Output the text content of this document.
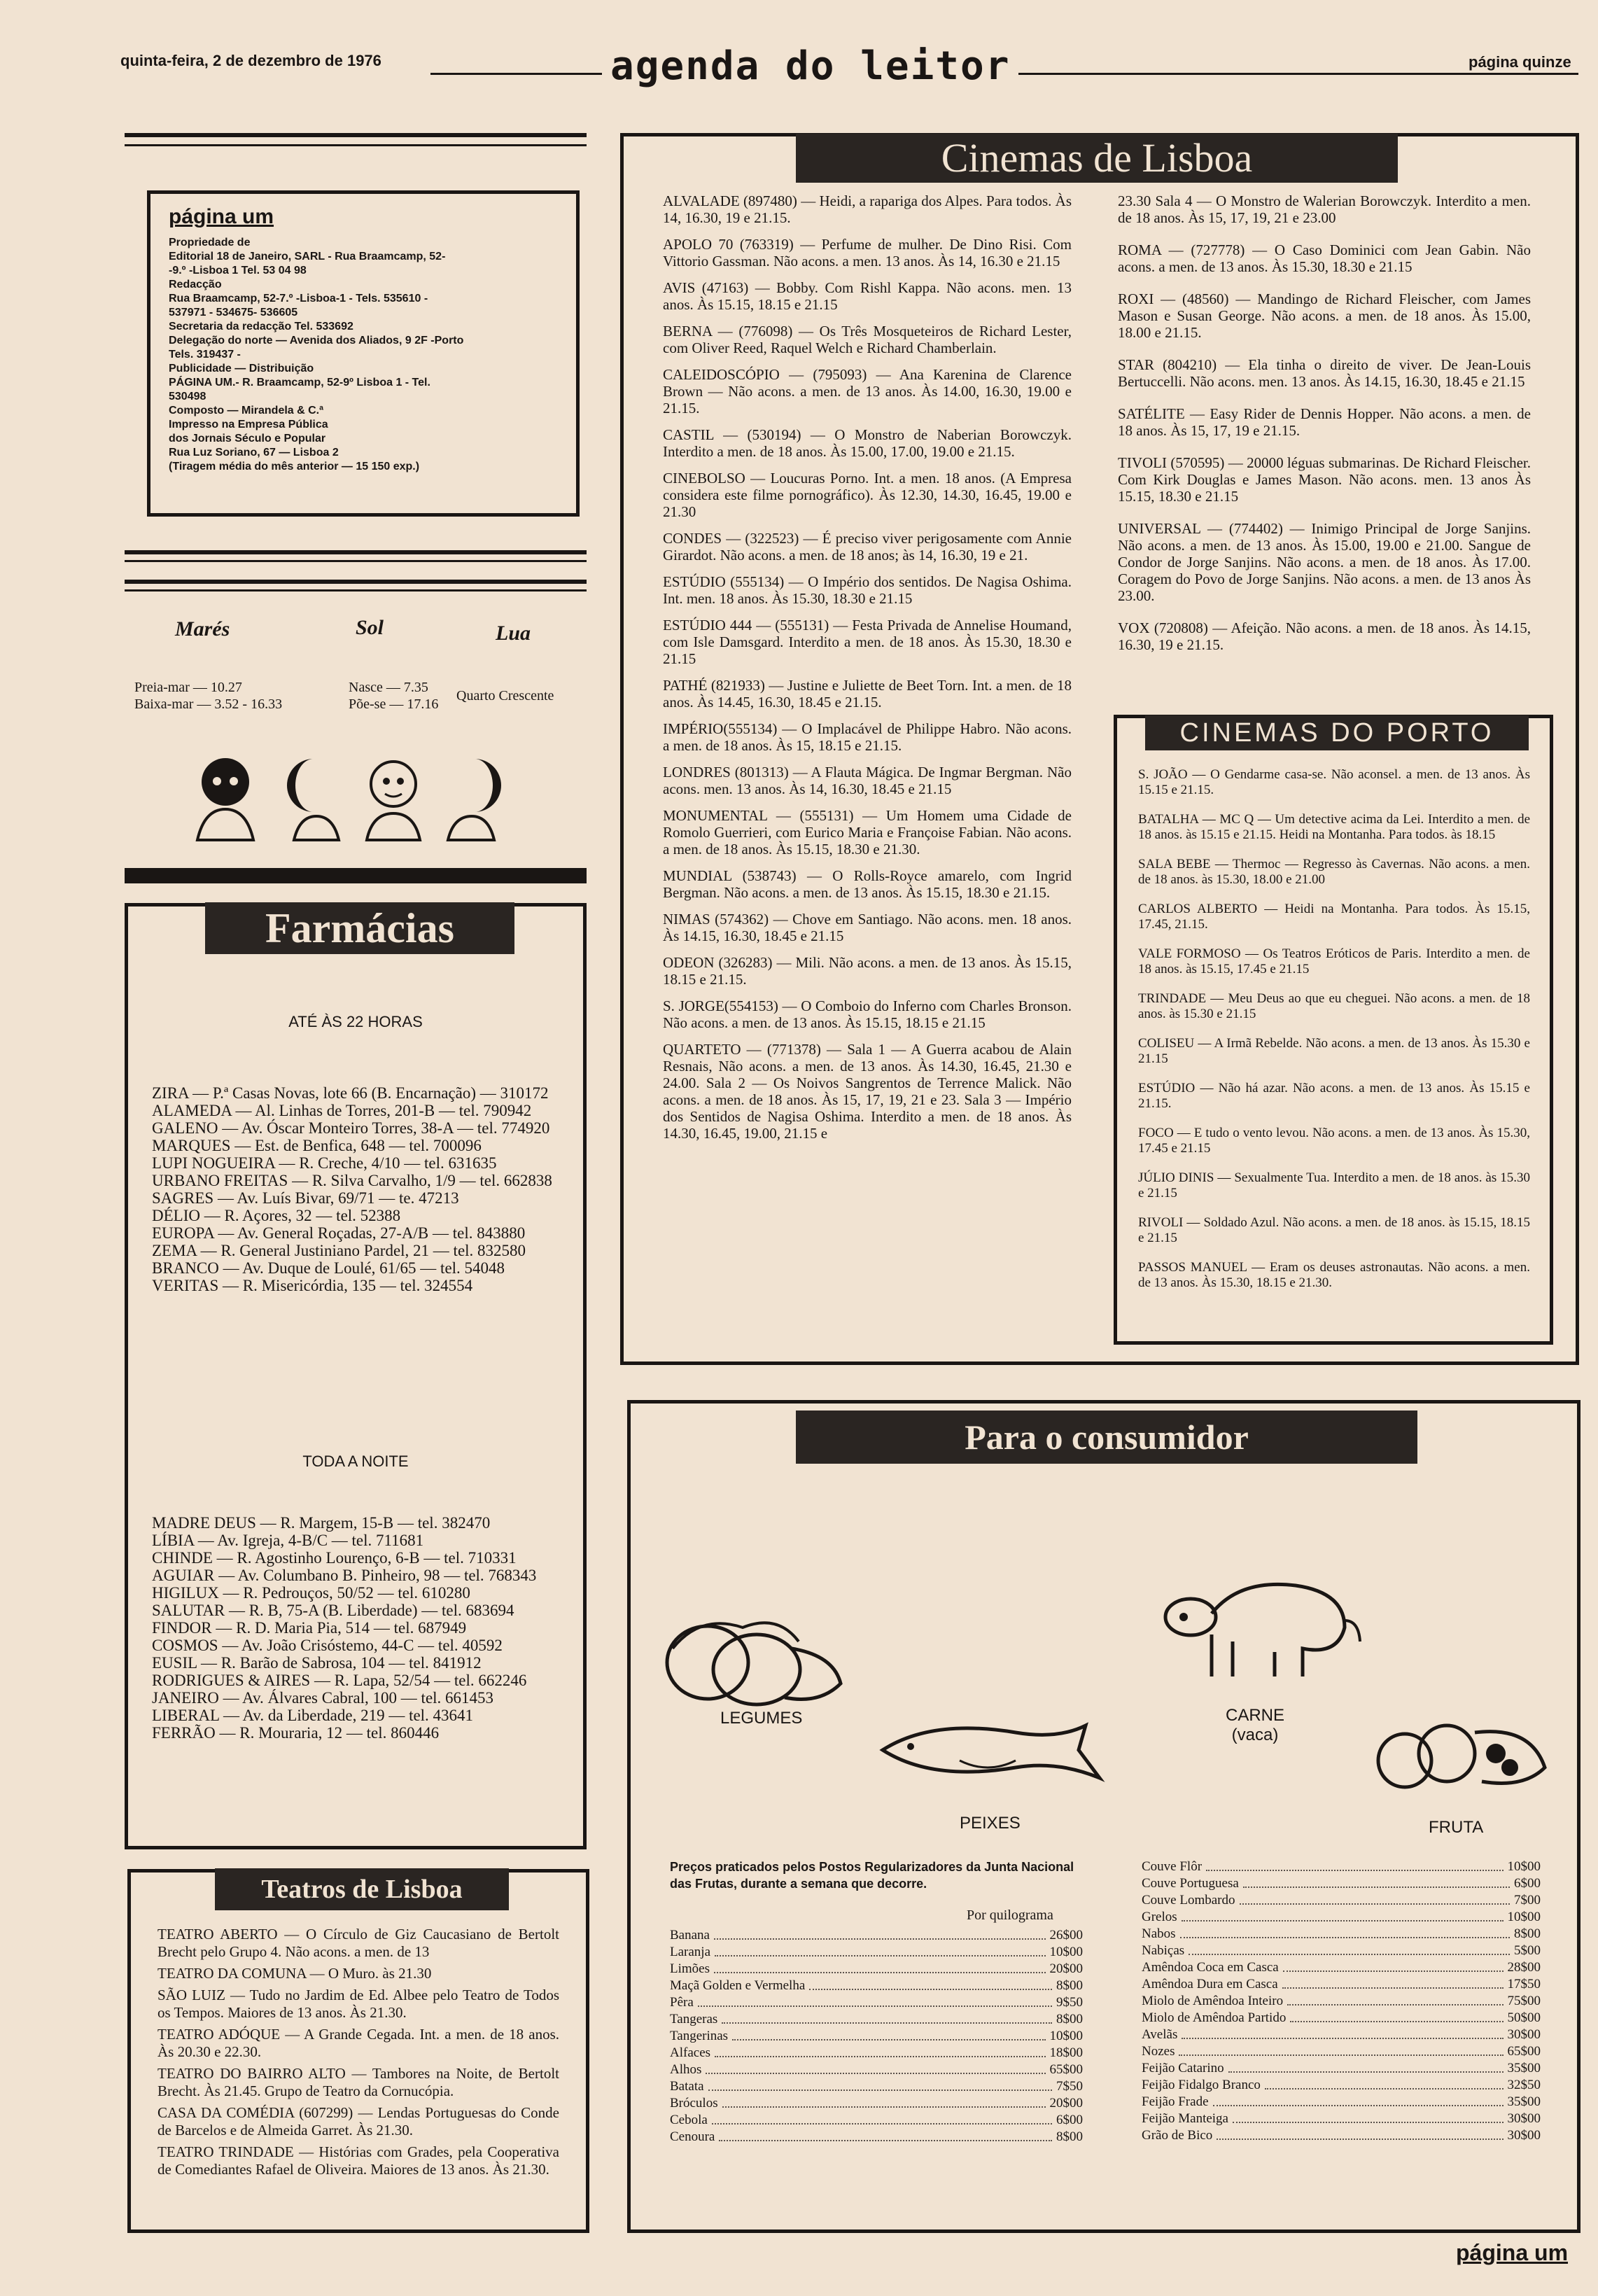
quinta-feira, 2 de dezembro de 1976	agenda do leitor	página quinze
página um

Propriedade de

Editorial 18 de Janeiro, SARL - Rua Braamcamp, 52-

-9.º -Lisboa 1 Tel. 53 04 98

Redacção

Rua Braamcamp, 52-7.º -Lisboa-1 - Tels. 535610 -

537971 - 534675- 536605

Secretaria da redacção Tel. 533692

Delegação do norte — Avenida dos Aliados, 9 2F -Porto

Tels. 319437 -

Publicidade — Distribuição

PÁGINA UM.- R. Braamcamp, 52-9º Lisboa 1 - Tel.

530498

Composto — Mirandela & C.ª

Impresso na Empresa Pública

dos Jornais Século e Popular

Rua Luz Soriano, 67 — Lisboa 2

(Tiragem média do mês anterior — 15 150 exp.)

Marés	Sol	Lua
Preia-mar — 10.27
Baixa-mar — 3.52 - 16.33
Nasce — 7.35
Põe-se — 17.16
Quarto Crescente
Farmácias
ATÉ ÀS 22 HORAS

ZIRA — P.ª Casas Novas, lote 66 (B. Encarnação) — 310172

ALAMEDA — Al. Linhas de Torres, 201-B — tel. 790942

GALENO — Av. Óscar Monteiro Torres, 38-A — tel. 774920

MARQUES — Est. de Benfica, 648 — tel. 700096

LUPI NOGUEIRA — R. Creche, 4/10 — tel. 631635

URBANO FREITAS — R. Silva Carvalho, 1/9 — tel. 662838

SAGRES — Av. Luís Bivar, 69/71 — te. 47213

DÉLIO — R. Açores, 32 — tel. 52388

EUROPA — Av. General Roçadas, 27-A/B — tel. 843880

ZEMA — R. General Justiniano Pardel, 21 — tel. 832580

BRANCO — Av. Duque de Loulé, 61/65 — tel. 54048

VERITAS — R. Misericórdia, 135 — tel. 324554

TODA A NOITE

MADRE DEUS — R. Margem, 15-B — tel. 382470

LÍBIA — Av. Igreja, 4-B/C — tel. 711681

CHINDE — R. Agostinho Lourenço, 6-B — tel. 710331

AGUIAR — Av. Columbano B. Pinheiro, 98 — tel. 768343

HIGILUX — R. Pedrouços, 50/52 — tel. 610280

SALUTAR — R. B, 75-A (B. Liberdade) — tel. 683694

FINDOR — R. D. Maria Pia, 514 — tel. 687949

COSMOS — Av. João Crisóstemo, 44-C — tel. 40592

EUSIL — R. Barão de Sabrosa, 104 — tel. 841912

RODRIGUES & AIRES — R. Lapa, 52/54 — tel. 662246

JANEIRO — Av. Álvares Cabral, 100 — tel. 661453

LIBERAL — Av. da Liberdade, 219 — tel. 43641

FERRÃO — R. Mouraria, 12 — tel. 860446

Teatros de Lisboa

TEATRO ABERTO — O Círculo de Giz Caucasiano de Bertolt Brecht pelo Grupo 4. Não acons. a men. de 13

TEATRO DA COMUNA — O Muro. às 21.30

SÃO LUIZ — Tudo no Jardim de Ed. Albee pelo Teatro de Todos os Tempos. Maiores de 13 anos. Às 21.30.

TEATRO ADÓQUE — A Grande Cegada. Int. a men. de 18 anos. Às 20.30 e 22.30.

TEATRO DO BAIRRO ALTO — Tambores na Noite, de Bertolt Brecht. Às 21.45. Grupo de Teatro da Cornucópia.

CASA DA COMÉDIA (607299) — Lendas Portuguesas do Conde de Barcelos e de Almeida Garret. Às 21.30.

TEATRO TRINDADE — Histórias com Grades, pela Cooperativa de Comediantes Rafael de Oliveira. Maiores de 13 anos. Às 21.30.

Cinemas de Lisboa

ALVALADE (897480) — Heidi, a rapariga dos Alpes. Para todos. Às 14, 16.30, 19 e 21.15.

APOLO 70 (763319) — Perfume de mulher. De Dino Risi. Com Vittorio Gassman. Não acons. a men. 13 anos. Às 14, 16.30 e 21.15

AVIS (47163) — Bobby. Com Rishl Kappa. Não acons. men. 13 anos. Às 15.15, 18.15 e 21.15

BERNA — (776098) — Os Três Mosqueteiros de Richard Lester, com Oliver Reed, Raquel Welch e Richard Chamberlain.

CALEIDOSCÓPIO — (795093) — Ana Karenina de Clarence Brown — Não acons. a men. de 13 anos. Às 14.00, 16.30, 19.00 e 21.15.

CASTIL — (530194) — O Monstro de Naberian Borowczyk. Interdito a men. de 18 anos. Às 15.00, 17.00, 19.00 e 21.15.

CINEBOLSO — Loucuras Porno. Int. a men. 18 anos. (A Empresa considera este filme pornográfico). Às 12.30, 14.30, 16.45, 19.00 e 21.30

CONDES — (322523) — É preciso viver perigosamente com Annie Girardot. Não acons. a men. de 18 anos; às 14, 16.30, 19 e 21.

ESTÚDIO (555134) — O Império dos sentidos. De Nagisa Oshima. Int. men. 18 anos. Às 15.30, 18.30 e 21.15

ESTÚDIO 444 — (555131) — Festa Privada de Annelise Houmand, com Isle Damsgard. Interdito a men. de 18 anos. Às 15.30, 18.30 e 21.15

PATHÉ (821933) — Justine e Juliette de Beet Torn. Int. a men. de 18 anos. Às 14.45, 16.30, 18.45 e 21.15.

IMPÉRIO(555134) — O Implacável de Philippe Habro. Não acons. a men. de 18 anos. Às 15, 18.15 e 21.15.

LONDRES (801313) — A Flauta Mágica. De Ingmar Bergman. Não acons. men. 13 anos. Às 14, 16.30, 18.45 e 21.15

MONUMENTAL — (555131) — Um Homem uma Cidade de Romolo Guerrieri, com Eurico Maria e Françoise Fabian. Não acons. a men. de 18 anos. Às 15.15, 18.30 e 21.30.

MUNDIAL (538743) — O Rolls-Royce amarelo, com Ingrid Bergman. Não acons. a men. de 13 anos. Às 15.15, 18.30 e 21.15.

NIMAS (574362) — Chove em Santiago. Não acons. men. 18 anos. Às 14.15, 16.30, 18.45 e 21.15

ODEON (326283) — Mili. Não acons. a men. de 13 anos. Às 15.15, 18.15 e 21.15.

S. JORGE(554153) — O Comboio do Inferno com Charles Bronson. Não acons. a men. de 13 anos. Às 15.15, 18.15 e 21.15

QUARTETO — (771378) — Sala 1 — A Guerra acabou de Alain Resnais, Não acons. a men. de 13 anos. Às 14.30, 16.45, 21.30 e 24.00. Sala 2 — Os Noivos Sangrentos de Terrence Malick. Não acons. a men. de 18 anos. Às 15, 17, 19, 21 e 23. Sala 3 — Império dos Sentidos de Nagisa Oshima. Interdito a men. de 18 anos. Às 14.30, 16.45, 19.00, 21.15 e

23.30 Sala 4 — O Monstro de Walerian Borowczyk. Interdito a men. de 18 anos. Às 15, 17, 19, 21 e 23.00

ROMA — (727778) — O Caso Dominici com Jean Gabin. Não acons. a men. de 13 anos. Às 15.30, 18.30 e 21.15

ROXI — (48560) — Mandingo de Richard Fleischer, com James Mason e Susan George. Não acons. a men. de 18 anos. Às 15.00, 18.00 e 21.15.

STAR (804210) — Ela tinha o direito de viver. De Jean-Louis Bertuccelli. Não acons. men. 13 anos. Às 14.15, 16.30, 18.45 e 21.15

SATÉLITE — Easy Rider de Dennis Hopper. Não acons. a men. de 18 anos. Às 15, 17, 19 e 21.15.

TIVOLI (570595) — 20000 léguas submarinas. De Richard Fleischer. Com Kirk Douglas e James Mason. Não acons. men. 13 anos Às 15.15, 18.30 e 21.15

UNIVERSAL — (774402) — Inimigo Principal de Jorge Sanjins. Não acons. a men. de 13 anos. Às 15.00, 19.00 e 21.00. Sangue de Condor de Jorge Sanjins. Não acons. a men. de 18 anos. Às 17.00. Coragem do Povo de Jorge Sanjins. Não acons. a men. de 13 anos Às 23.00.

VOX (720808) — Afeição. Não acons. a men. de 18 anos. Às 14.15, 16.30, 19 e 21.15.

CINEMAS DO PORTO

S. JOÃO — O Gendarme casa-se. Não aconsel. a men. de 13 anos. Às 15.15 e 21.15.

BATALHA — MC Q — Um detective acima da Lei. Interdito a men. de 18 anos. às 15.15 e 21.15. Heidi na Montanha. Para todos. às 18.15

SALA BEBE — Thermoc — Regresso às Cavernas. Não acons. a men. de 18 anos. às 15.30, 18.00 e 21.00

CARLOS ALBERTO — Heidi na Montanha. Para todos. Às 15.15, 17.45, 21.15.

VALE FORMOSO — Os Teatros Eróticos de Paris. Interdito a men. de 18 anos. às 15.15, 17.45 e 21.15

TRINDADE — Meu Deus ao que eu cheguei. Não acons. a men. de 18 anos. às 15.30 e 21.15

COLISEU — A Irmã Rebelde. Não acons. a men. de 13 anos. Às 15.30 e 21.15

ESTÚDIO — Não há azar. Não acons. a men. de 13 anos. Às 15.15 e 21.15.

FOCO — E tudo o vento levou. Não acons. a men. de 13 anos. Às 15.30, 17.45 e 21.15

JÚLIO DINIS — Sexualmente Tua. Interdito a men. de 18 anos. às 15.30 e 21.15

RIVOLI — Soldado Azul. Não acons. a men. de 18 anos. às 15.15, 18.15 e 21.15

PASSOS MANUEL — Eram os deuses astronautas. Não acons. a men. de 13 anos. Às 15.30, 18.15 e 21.30.

Para o consumidor
LEGUMES	CARNE
(vaca)
PEIXES	FRUTA
Preços praticados pelos Postos Regularizadores da Junta Nacional das Frutas, durante a semana que decorre.
Por quilograma
Banana	26$00
Laranja	10$00
Limões	20$00
Maçã Golden e Vermelha	8$00
Pêra	9$50
Tangeras	8$00
Tangerinas	10$00
Alfaces	18$00
Alhos	65$00
Batata	7$50
Bróculos	20$00
Cebola	6$00
Cenoura	8$00
Couve Flôr	10$00
Couve Portuguesa	6$00
Couve Lombardo	7$00
Grelos	10$00
Nabos	8$00
Nabiças	5$00
Amêndoa Coca em Casca	28$00
Amêndoa Dura em Casca	17$50
Miolo de Amêndoa Inteiro	75$00
Miolo de Amêndoa Partido	50$00
Avelãs	30$00
Nozes	65$00
Feijão Catarino	35$00
Feijão Fidalgo Branco	32$50
Feijão Frade	35$00
Feijão Manteiga	30$00
Grão de Bico	30$00
página um
